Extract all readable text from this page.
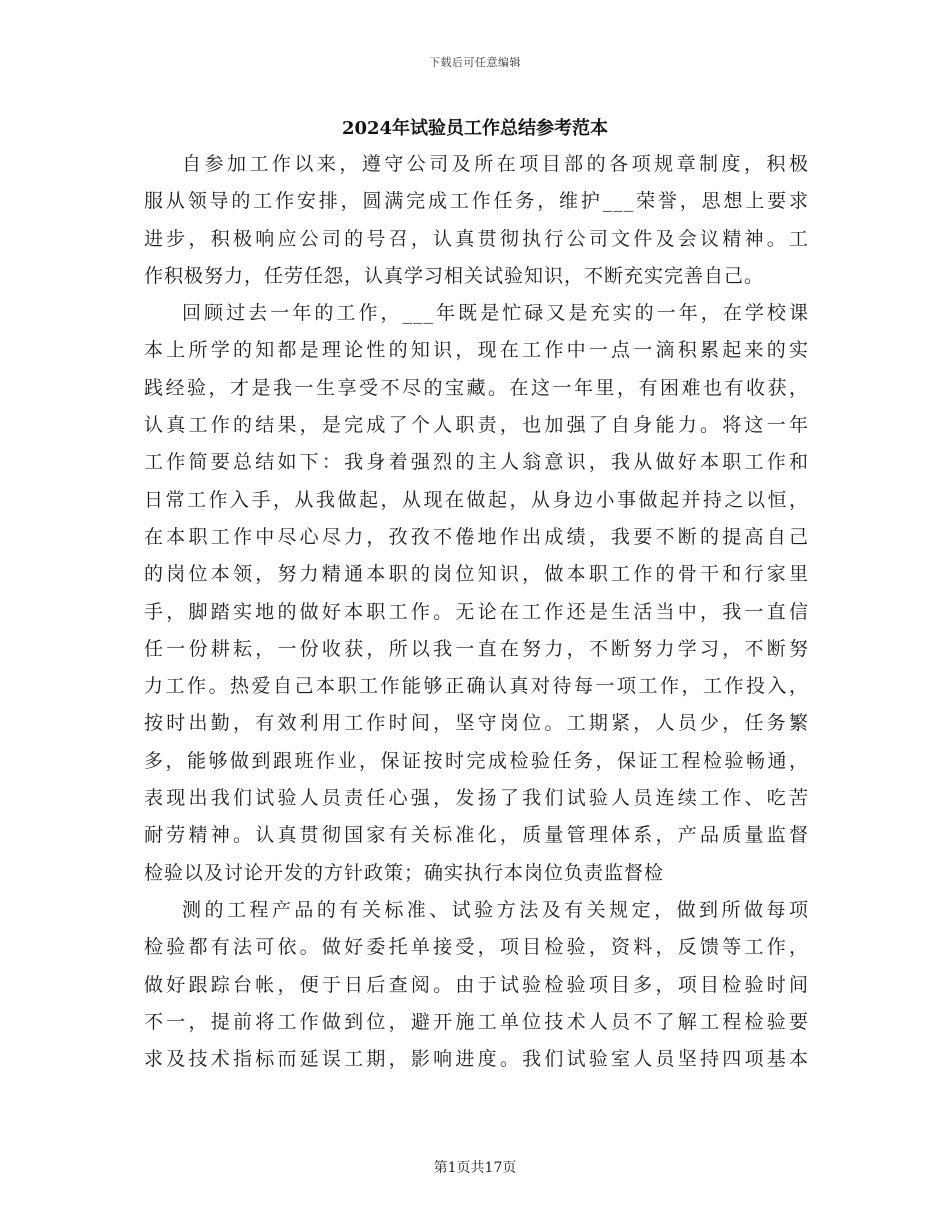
下载后可任意编辑
2024年试验员工作总结参考范本
自参加工作以来，遵守公司及所在项目部的各项规章制度，积极
服从领导的工作安排，圆满完成工作任务，维护___荣誉，思想上要求
进步，积极响应公司的号召，认真贯彻执行公司文件及会议精神。工
作积极努力，任劳任怨，认真学习相关试验知识，不断充实完善自己。
回顾过去一年的工作，___年既是忙碌又是充实的一年，在学校课
本上所学的知都是理论性的知识，现在工作中一点一滴积累起来的实
践经验，才是我一生享受不尽的宝藏。在这一年里，有困难也有收获，
认真工作的结果，是完成了个人职责，也加强了自身能力。将这一年
工作简要总结如下：我身着强烈的主人翁意识，我从做好本职工作和
日常工作入手，从我做起，从现在做起，从身边小事做起并持之以恒，
在本职工作中尽心尽力，孜孜不倦地作出成绩，我要不断的提高自己
的岗位本领，努力精通本职的岗位知识，做本职工作的骨干和行家里
手，脚踏实地的做好本职工作。无论在工作还是生活当中，我一直信
任一份耕耘，一份收获，所以我一直在努力，不断努力学习，不断努
力工作。热爱自己本职工作能够正确认真对待每一项工作，工作投入，
按时出勤，有效利用工作时间，坚守岗位。工期紧，人员少，任务繁
多，能够做到跟班作业，保证按时完成检验任务，保证工程检验畅通，
表现出我们试验人员责任心强，发扬了我们试验人员连续工作、吃苦
耐劳精神。认真贯彻国家有关标准化，质量管理体系，产品质量监督
检验以及讨论开发的方针政策；确实执行本岗位负责监督检
测的工程产品的有关标准、试验方法及有关规定，做到所做每项
检验都有法可依。做好委托单接受，项目检验，资料，反馈等工作，
做好跟踪台帐，便于日后查阅。由于试验检验项目多，项目检验时间
不一，提前将工作做到位，避开施工单位技术人员不了解工程检验要
求及技术指标而延误工期，影响进度。我们试验室人员坚持四项基本
第1页共17页
